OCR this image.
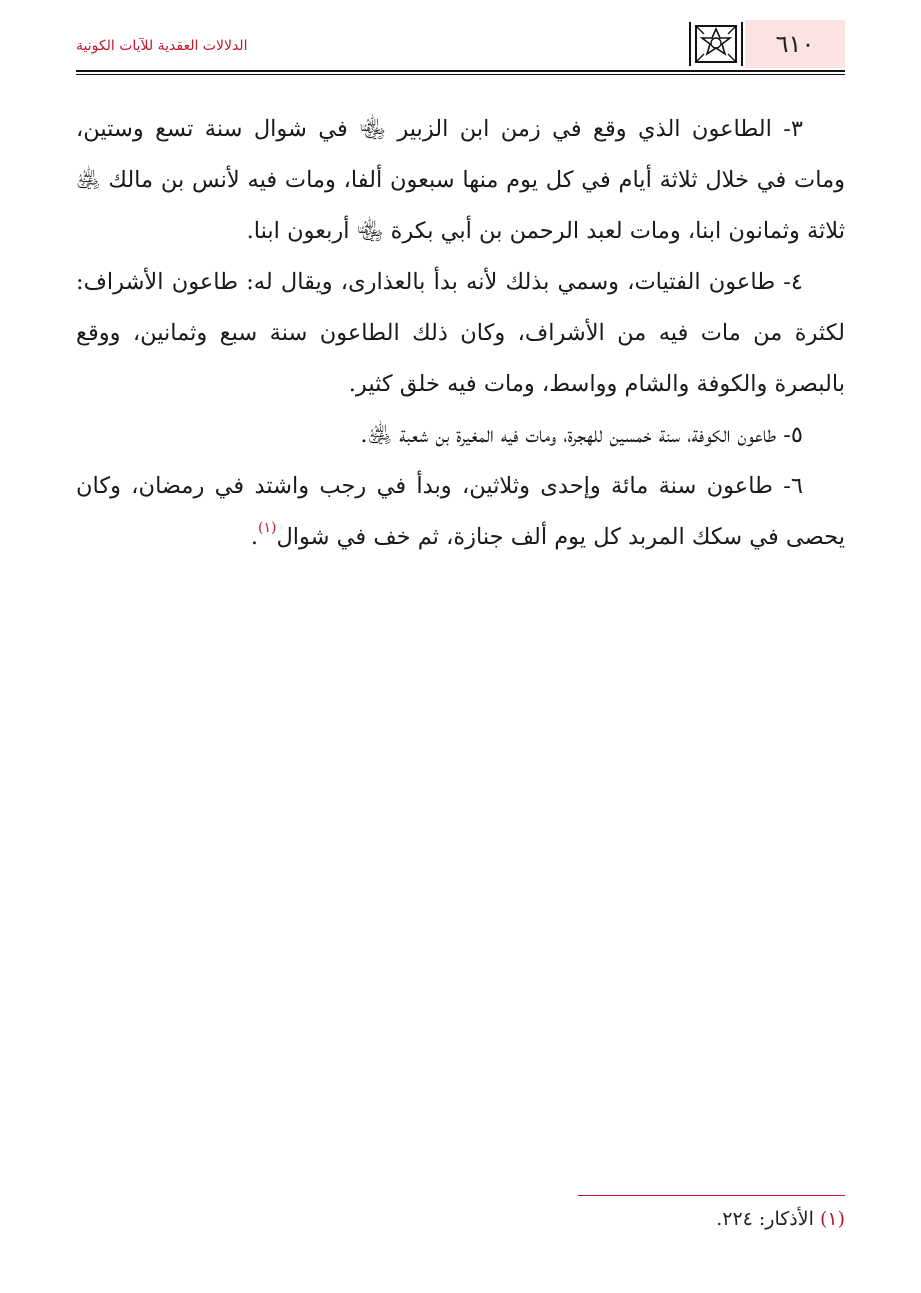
٦١٠
الدلالات العقدية للآيات الكونية

٣- الطاعون الذي وقع في زمن ابن الزبير ﵄ في شوال سنة تسع وستين، ومات في خلال ثلاثة أيام في كل يوم منها سبعون ألفا، ومات فيه لأنس بن مالك ﵁ ثلاثة وثمانون ابنا، ومات لعبد الرحمن بن أبي بكرة ﵄ أربعون ابنا.

٤- طاعون الفتيات، وسمي بذلك لأنه بدأ بالعذارى، ويقال له: طاعون الأشراف: لكثرة من مات فيه من الأشراف، وكان ذلك الطاعون سنة سبع وثمانين، ووقع بالبصرة والكوفة والشام وواسط، ومات فيه خلق كثير.

٥- طاعون الكوفة، سنة خمسين للهجرة، ومات فيه المغيرة بن شعبة ﵁.

٦- طاعون سنة مائة وإحدى وثلاثين، وبدأ في رجب واشتد في رمضان، وكان يحصى في سكك المربد كل يوم ألف جنازة، ثم خف في شوال$^{(١)}$.

(١) الأذكار: ٢٢٤.
